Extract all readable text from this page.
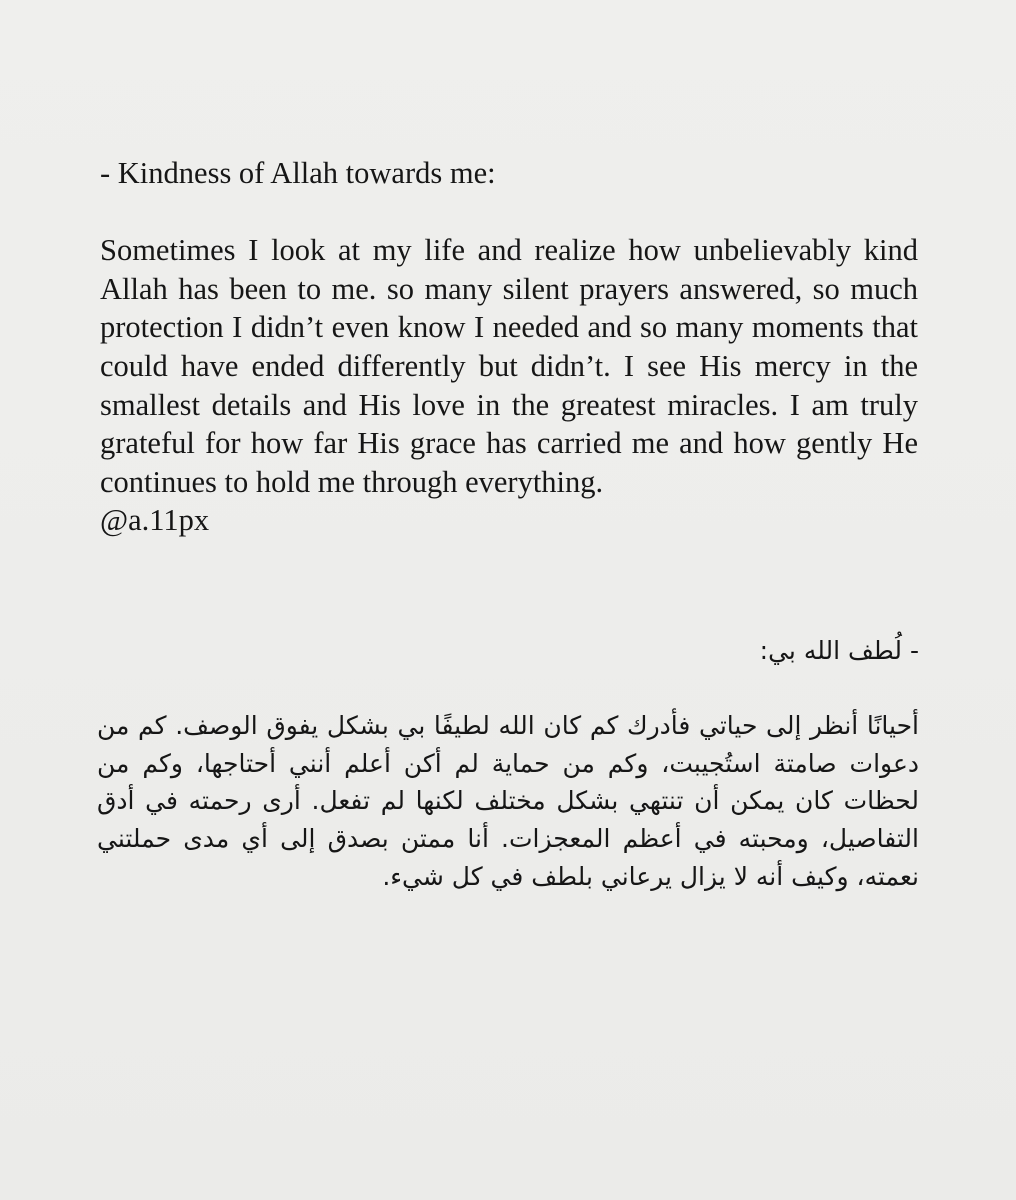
- Kindness of Allah towards me:

Sometimes I look at my life and realize how unbelievably kind Allah has been to me. so many silent prayers answered, so much protection I didn’t even know I needed and so many moments that could have ended differently but didn’t. I see His mercy in the smallest details and His love in the greatest miracles. I am truly grateful for how far His grace has carried me and how gently He continues to hold me through everything.

@a.11px

- لُطف الله بي:

أحيانًا أنظر إلى حياتي فأدرك كم كان الله لطيفًا بي بشكل يفوق الوصف. كم من دعوات صامتة استُجيبت، وكم من حماية لم أكن أعلم أنني أحتاجها، وكم من لحظات كان يمكن أن تنتهي بشكل مختلف لكنها لم تفعل. أرى رحمته في أدق التفاصيل، ومحبته في أعظم المعجزات. أنا ممتن بصدق إلى أي مدى حملتني نعمته، وكيف أنه لا يزال يرعاني بلطف في كل شيء.
